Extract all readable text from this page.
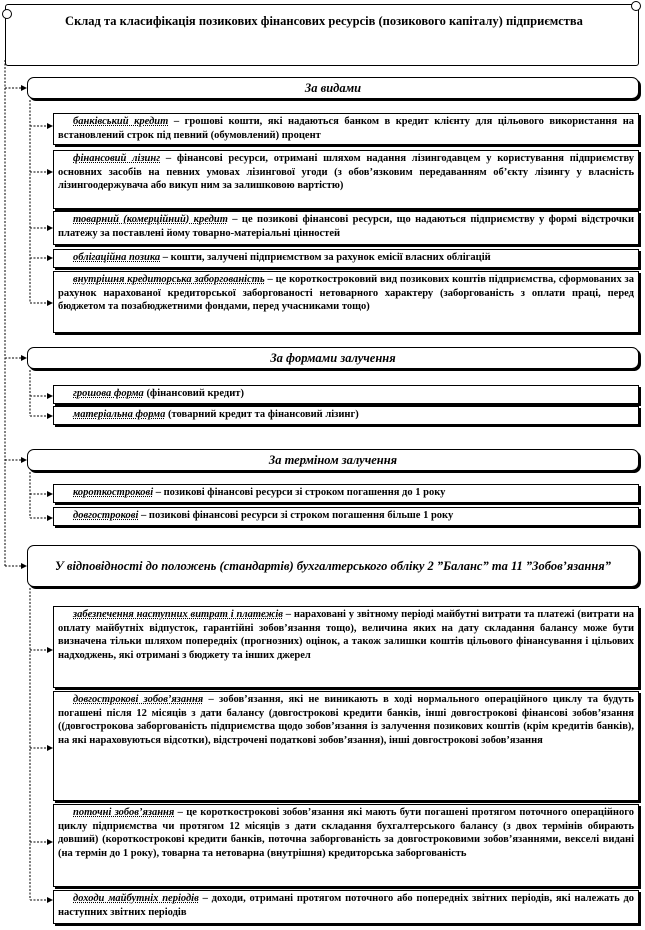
Склад та класифікація позикових фінансових ресурсів (позикового капіталу) підприємства
За видами
банківський кредит – грошові кошти, які надаються банком в кредит клієнту для цільового використання на встановлений строк під певний (обумовлений) процент
фінансовий лізинг – фінансові ресурси, отримані шляхом надання лізингодавцем у користування підприємству основних засобів на певних умовах лізингової угоди (з обов’язковим передаванням об’єкту лізингу у власність лізингоодержувача або викуп ним за залишковою вартістю)
товарний (комерційний) кредит – це позикові фінансові ресурси, що надаються підприємству у формі відстрочки платежу за поставлені йому товарно-матеріальні цінностей
облігаційна позика – кошти, залучені підприємством за рахунок емісії власних облігацій
внутрішня кредиторська заборгованість – це короткостроковий вид позикових коштів підприємства, сформованих за рахунок нарахованої кредиторської заборгованості нетоварного характеру (заборгованість з оплати праці, перед бюджетом та позабюджетними фондами, перед учасниками тощо)
За формами залучення
грошова форма (фінансовий кредит)
матеріальна форма (товарний кредит та фінансовий лізинг)
За терміном залучення
короткострокові – позикові фінансові ресурси зі строком погашення до 1 року
довгострокові – позикові фінансові ресурси зі строком погашення більше 1 року
У відповідності до положень (стандартів) бухгалтерського обліку 2 ”Баланс” та 11 ”Зобов’язання”
забезпечення наступних витрат і платежів – нараховані у звітному періоді майбутні витрати та платежі (витрати на оплату майбутніх відпусток, гарантійні зобов’язання тощо), величина яких на дату складання балансу може бути визначена тільки шляхом попередніх (прогнозних) оцінок, а також залишки коштів цільового фінансування і цільових надходжень, які отримані з бюджету та інших джерел
довгострокові зобов’язання – зобов’язання, які не виникають в ході нормального операційного циклу та будуть погашені після 12 місяців з дати балансу (довгострокові кредити банків, інші довгострокові фінансові зобов’язання ((довгострокова заборгованість підприємства щодо зобов’язання із залучення позикових коштів (крім кредитів банків), на які нараховуються відсотки), відстрочені податкові зобов’язання), інші довгострокові зобов’язання
поточні зобов’язання – це короткострокові зобов’язання які мають бути погашені протягом поточного операційного циклу підприємства чи протягом 12 місяців з дати складання бухгалтерського балансу (з двох термінів обирають довший) (короткострокові кредити банків, поточна заборгованість за довгостроковими зобов’язаннями, векселі видані (на термін до 1 року), товарна та нетоварна (внутрішня) кредиторська заборгованість
доходи майбутніх періодів – доходи, отримані протягом поточного або попередніх звітних періодів, які належать до наступних звітних періодів
